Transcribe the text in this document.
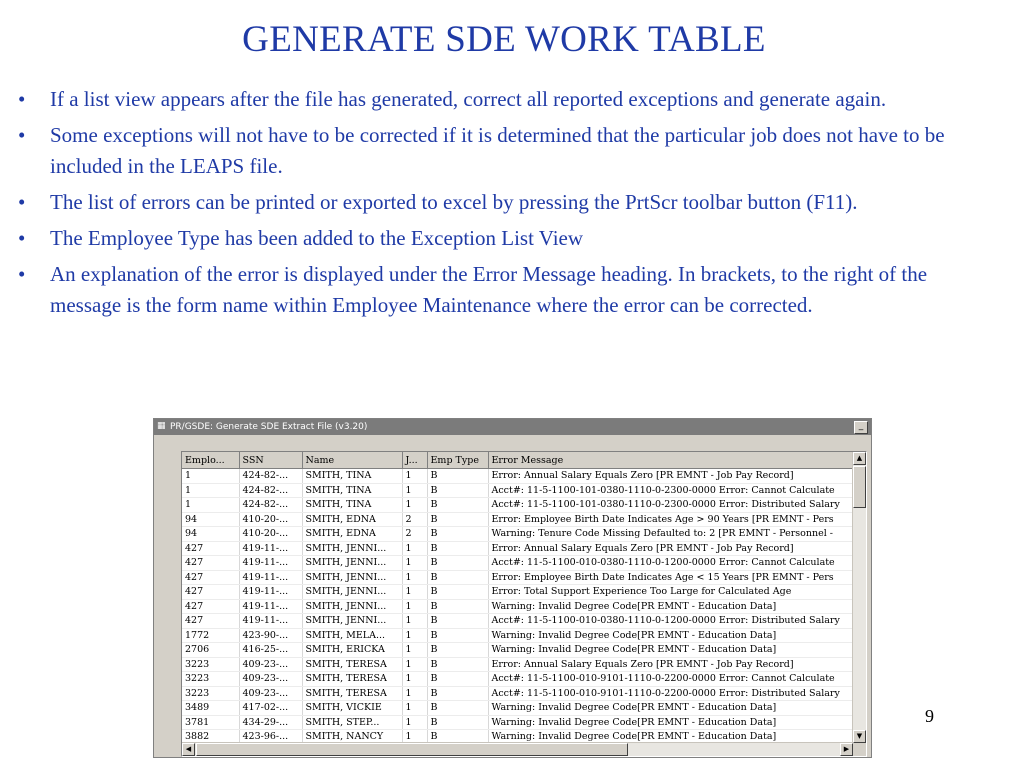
GENERATE SDE WORK TABLE
• If a list view appears after the file has generated, correct all reported exceptions and generate again.
• Some exceptions will not have to be corrected if it is determined that the particular job does not have to be included in the LEAPS file.
• The list of errors can be printed or exported to excel by pressing the PrtScr toolbar button (F11).
• The Employee Type has been added to the Exception List View
• An explanation of the error is displayed under the Error Message heading. In brackets, to the right of the message is the form name within Employee Maintenance where the error can be corrected.
▦ PR/GSDE: Generate SDE Extract File (v3.20)	_
Emplo...	SSN	Name	J...	Emp Type	Error Message
1	424-82-...	SMITH, TINA	1	B	Error: Annual Salary Equals Zero [PR EMNT - Job Pay Record]
1	424-82-...	SMITH, TINA	1	B	Acct#: 11-5-1100-101-0380-1110-0-2300-0000 Error: Cannot Calculate
1	424-82-...	SMITH, TINA	1	B	Acct#: 11-5-1100-101-0380-1110-0-2300-0000 Error: Distributed Salary
94	410-20-...	SMITH, EDNA	2	B	Error: Employee Birth Date Indicates Age > 90 Years [PR EMNT - Pers
94	410-20-...	SMITH, EDNA	2	B	Warning: Tenure Code Missing Defaulted to: 2 [PR EMNT - Personnel -
427	419-11-...	SMITH, JENNI...	1	B	Error: Annual Salary Equals Zero [PR EMNT - Job Pay Record]
427	419-11-...	SMITH, JENNI...	1	B	Acct#: 11-5-1100-010-0380-1110-0-1200-0000 Error: Cannot Calculate
427	419-11-...	SMITH, JENNI...	1	B	Error: Employee Birth Date Indicates Age < 15 Years [PR EMNT - Pers
427	419-11-...	SMITH, JENNI...	1	B	Error: Total Support Experience Too Large for Calculated Age
427	419-11-...	SMITH, JENNI...	1	B	Warning: Invalid Degree Code[PR EMNT - Education Data]
427	419-11-...	SMITH, JENNI...	1	B	Acct#: 11-5-1100-010-0380-1110-0-1200-0000 Error: Distributed Salary
1772	423-90-...	SMITH, MELA...	1	B	Warning: Invalid Degree Code[PR EMNT - Education Data]
2706	416-25-...	SMITH, ERICKA	1	B	Warning: Invalid Degree Code[PR EMNT - Education Data]
3223	409-23-...	SMITH, TERESA	1	B	Error: Annual Salary Equals Zero [PR EMNT - Job Pay Record]
3223	409-23-...	SMITH, TERESA	1	B	Acct#: 11-5-1100-010-9101-1110-0-2200-0000 Error: Cannot Calculate
3223	409-23-...	SMITH, TERESA	1	B	Acct#: 11-5-1100-010-9101-1110-0-2200-0000 Error: Distributed Salary
3489	417-02-...	SMITH, VICKIE	1	B	Warning: Invalid Degree Code[PR EMNT - Education Data]
3781	434-29-...	SMITH, STEP...	1	B	Warning: Invalid Degree Code[PR EMNT - Education Data]
3882	423-96-...	SMITH, NANCY	1	B	Warning: Invalid Degree Code[PR EMNT - Education Data]
▲
▼
◀	▶
9
